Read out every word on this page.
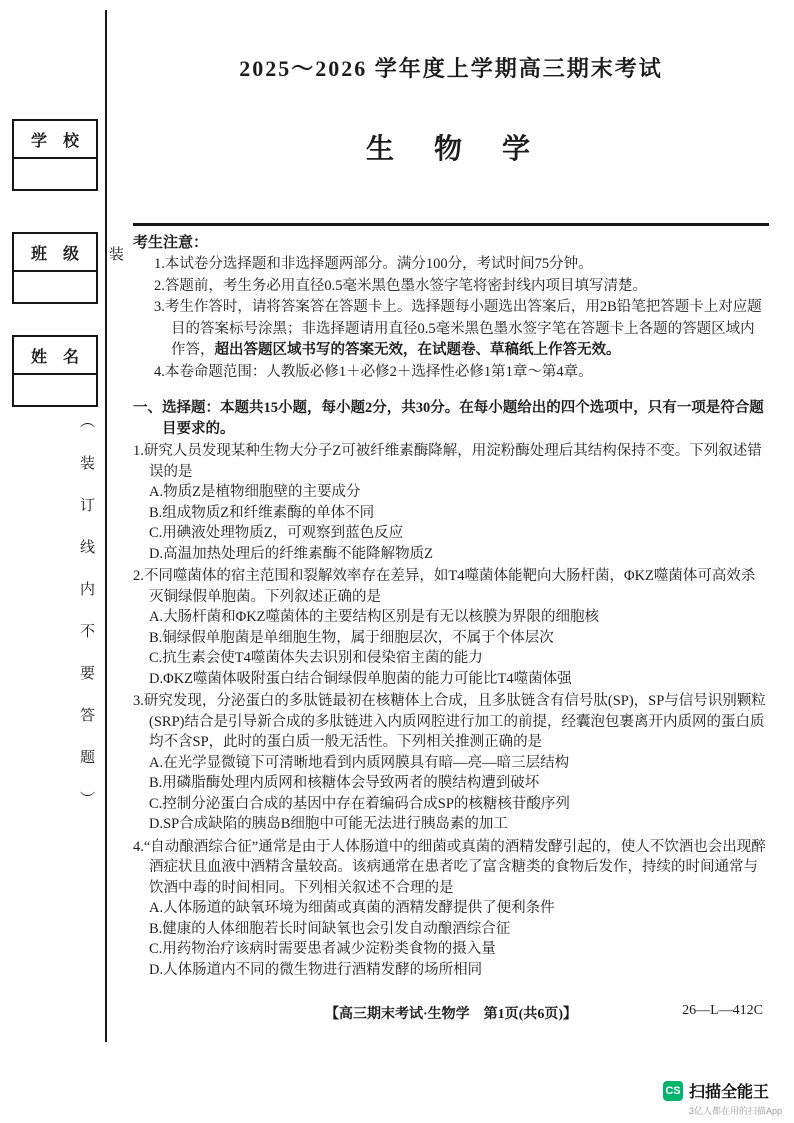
学　校
班　级
姓　名
装
（装订线内不要答题）
2025～2026 学年度上学期高三期末考试
生　物　学

考生注意：

1.本试卷分选择题和非选择题两部分。满分100分，考试时间75分钟。

2.答题前，考生务必用直径0.5毫米黑色墨水签字笔将密封线内项目填写清楚。

3.考生作答时，请将答案答在答题卡上。选择题每小题选出答案后，用2B铅笔把答题卡上对应题目的答案标号涂黑；非选择题请用直径0.5毫米黑色墨水签字笔在答题卡上各题的答题区域内作答，超出答题区域书写的答案无效，在试题卷、草稿纸上作答无效。

4.本卷命题范围：人教版必修1＋必修2＋选择性必修1第1章～第4章。

一、选择题：本题共15小题，每小题2分，共30分。在每小题给出的四个选项中，只有一项是符合题目要求的。

1.研究人员发现某种生物大分子Z可被纤维素酶降解，用淀粉酶处理后其结构保持不变。下列叙述错误的是

A.物质Z是植物细胞壁的主要成分

B.组成物质Z和纤维素酶的单体不同

C.用碘液处理物质Z，可观察到蓝色反应

D.高温加热处理后的纤维素酶不能降解物质Z

2.不同噬菌体的宿主范围和裂解效率存在差异，如T4噬菌体能靶向大肠杆菌，ΦKZ噬菌体可高效杀灭铜绿假单胞菌。下列叙述正确的是

A.大肠杆菌和ΦKZ噬菌体的主要结构区别是有无以核膜为界限的细胞核

B.铜绿假单胞菌是单细胞生物，属于细胞层次，不属于个体层次

C.抗生素会使T4噬菌体失去识别和侵染宿主菌的能力

D.ΦKZ噬菌体吸附蛋白结合铜绿假单胞菌的能力可能比T4噬菌体强

3.研究发现，分泌蛋白的多肽链最初在核糖体上合成，且多肽链含有信号肽(SP)，SP与信号识别颗粒(SRP)结合是引导新合成的多肽链进入内质网腔进行加工的前提，经囊泡包裹离开内质网的蛋白质均不含SP，此时的蛋白质一般无活性。下列相关推测正确的是

A.在光学显微镜下可清晰地看到内质网膜具有暗—亮—暗三层结构

B.用磷脂酶处理内质网和核糖体会导致两者的膜结构遭到破坏

C.控制分泌蛋白合成的基因中存在着编码合成SP的核糖核苷酸序列

D.SP合成缺陷的胰岛B细胞中可能无法进行胰岛素的加工

4.“自动酿酒综合征”通常是由于人体肠道中的细菌或真菌的酒精发酵引起的，使人不饮酒也会出现醉酒症状且血液中酒精含量较高。该病通常在患者吃了富含糖类的食物后发作，持续的时间通常与饮酒中毒的时间相同。下列相关叙述不合理的是

A.人体肠道的缺氧环境为细菌或真菌的酒精发酵提供了便利条件

B.健康的人体细胞若长时间缺氧也会引发自动酿酒综合征

C.用药物治疗该病时需要患者减少淀粉类食物的摄入量

D.人体肠道内不同的微生物进行酒精发酵的场所相同

【高三期末考试·生物学　第1页(共6页)】	26—L—412C
CS 扫描全能王
3亿人都在用的扫描App
